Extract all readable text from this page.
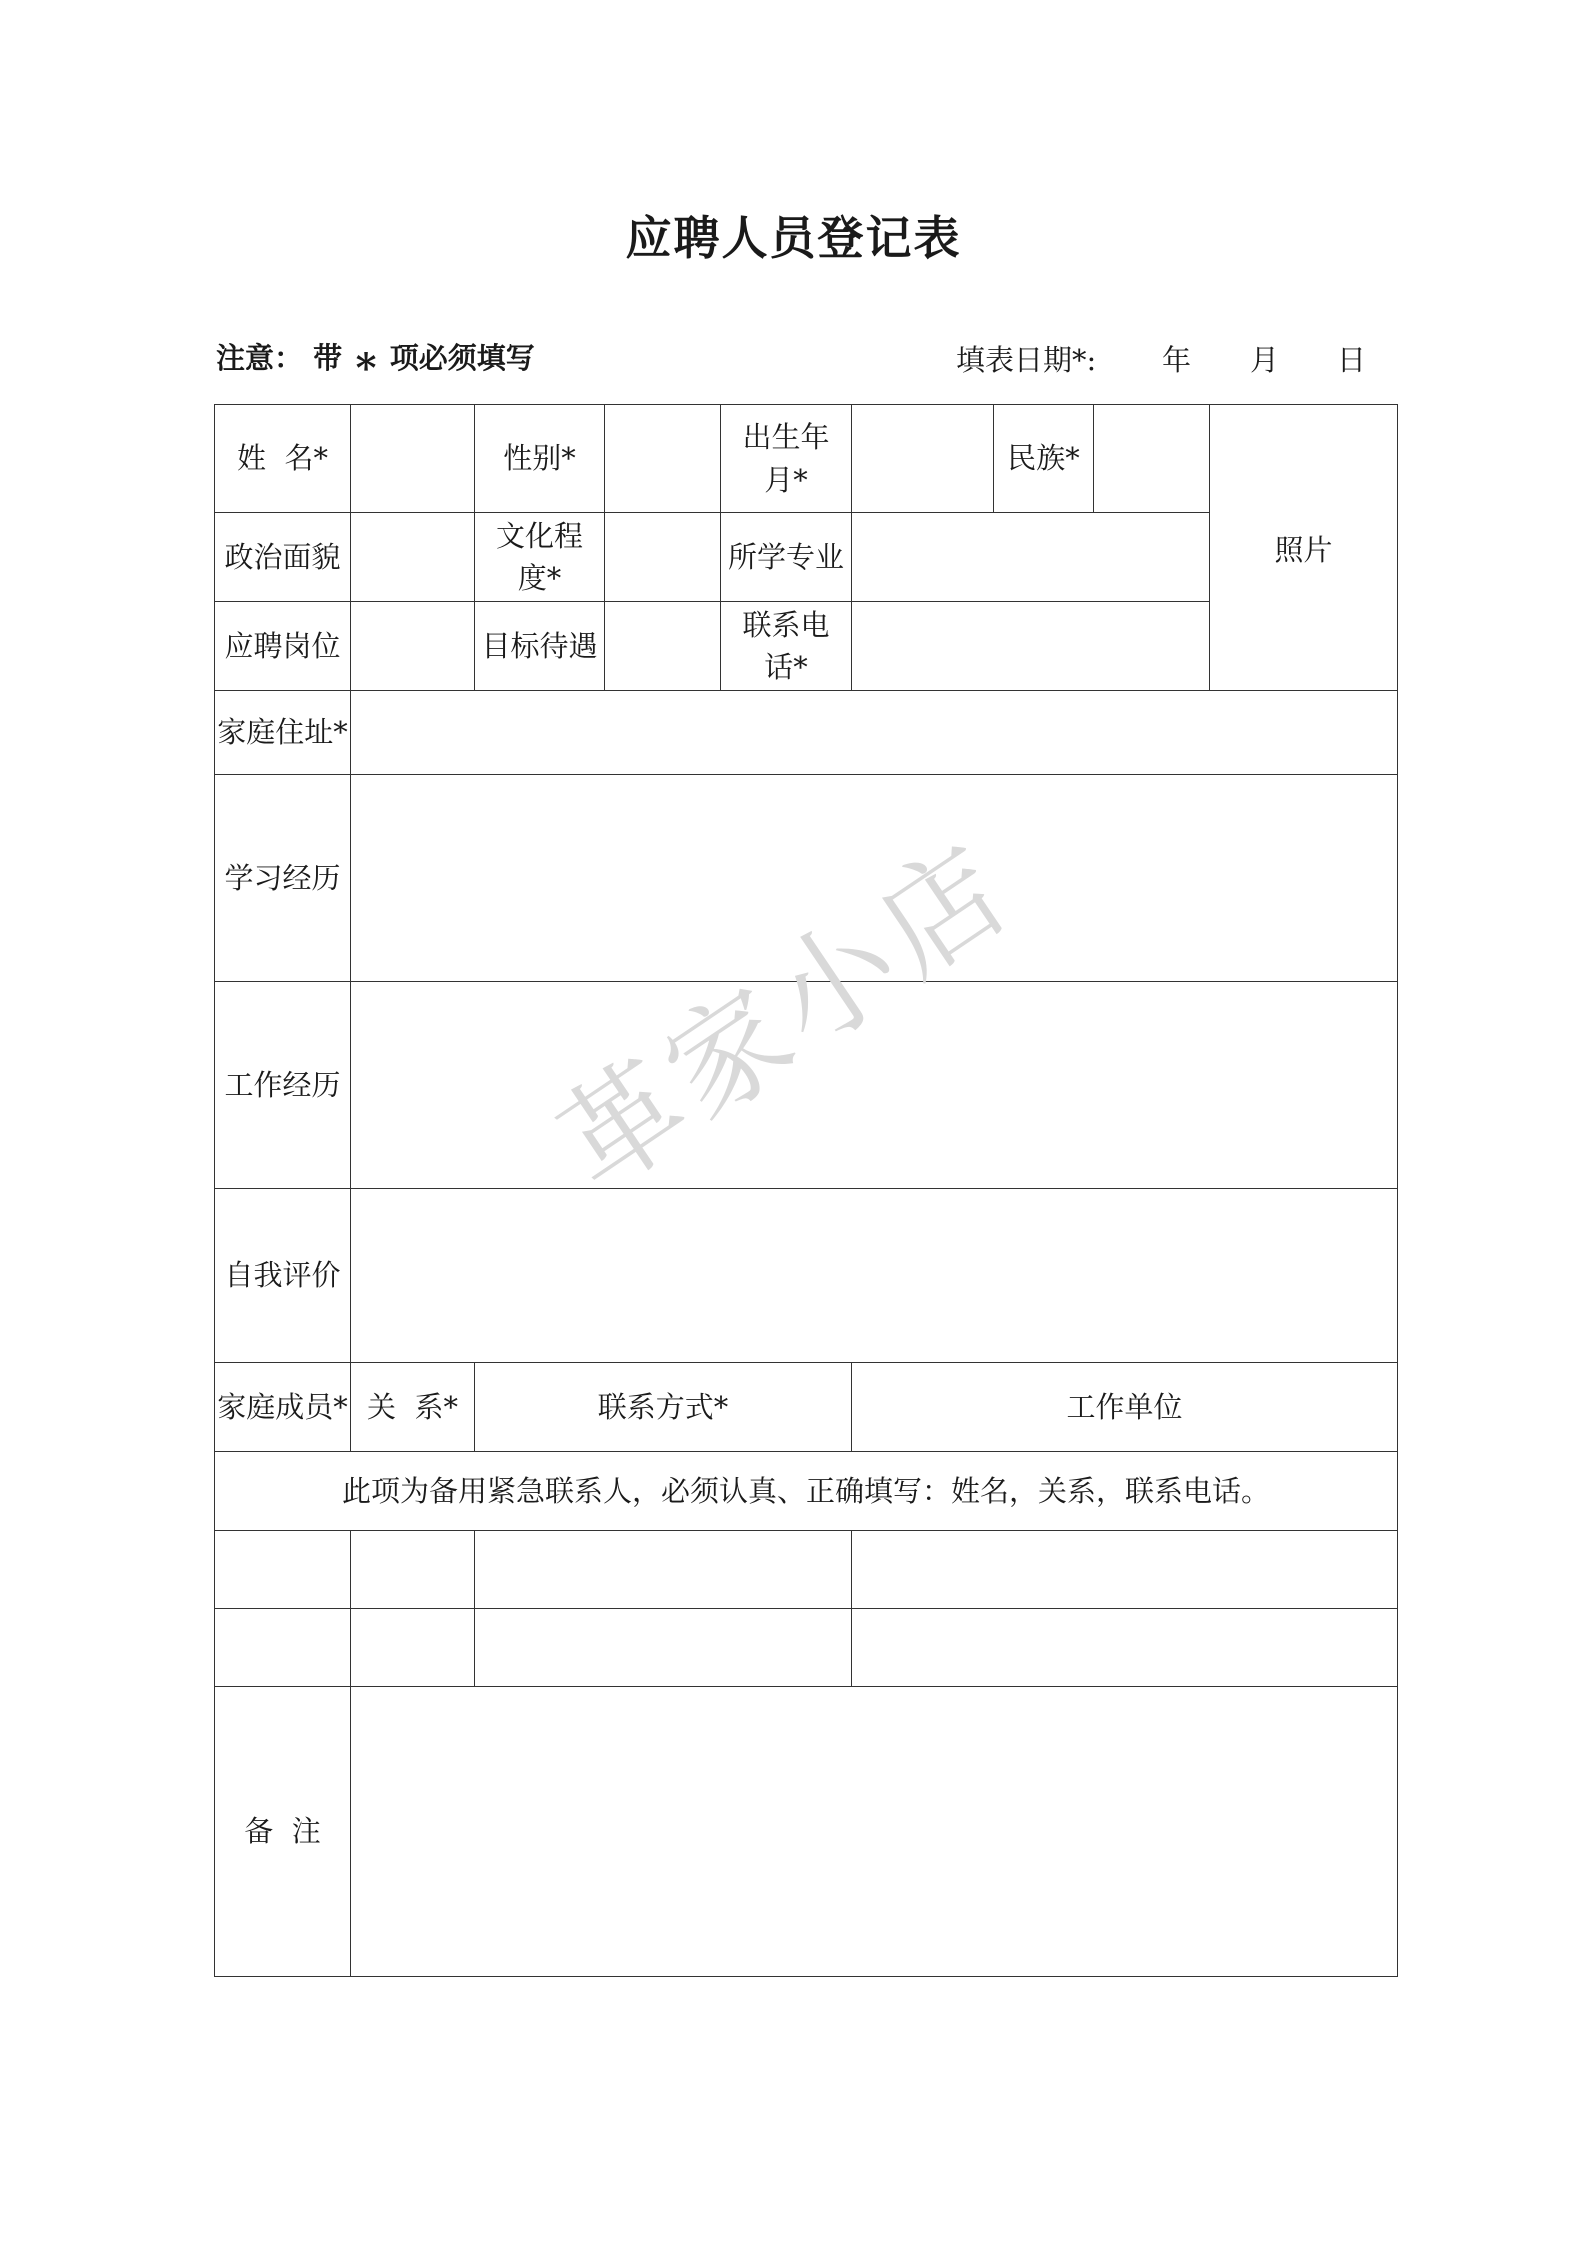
应聘人员登记表
注意： 带 ∗ 项必须填写	填表日期*: 年 月 日
姓  名*		性别*		出生年月*		民族*		照片
政治面貌		文化程度*		所学专业				
应聘岗位		目标待遇		联系电话*				
家庭住址*								
学习经历								
工作经历								
自我评价								
家庭成员*	关  系*	联系方式*			工作单位			
此项为备用紧急联系人，必须认真、正确填写：姓名，关系，联系电话。								

备  注								
革家小店
